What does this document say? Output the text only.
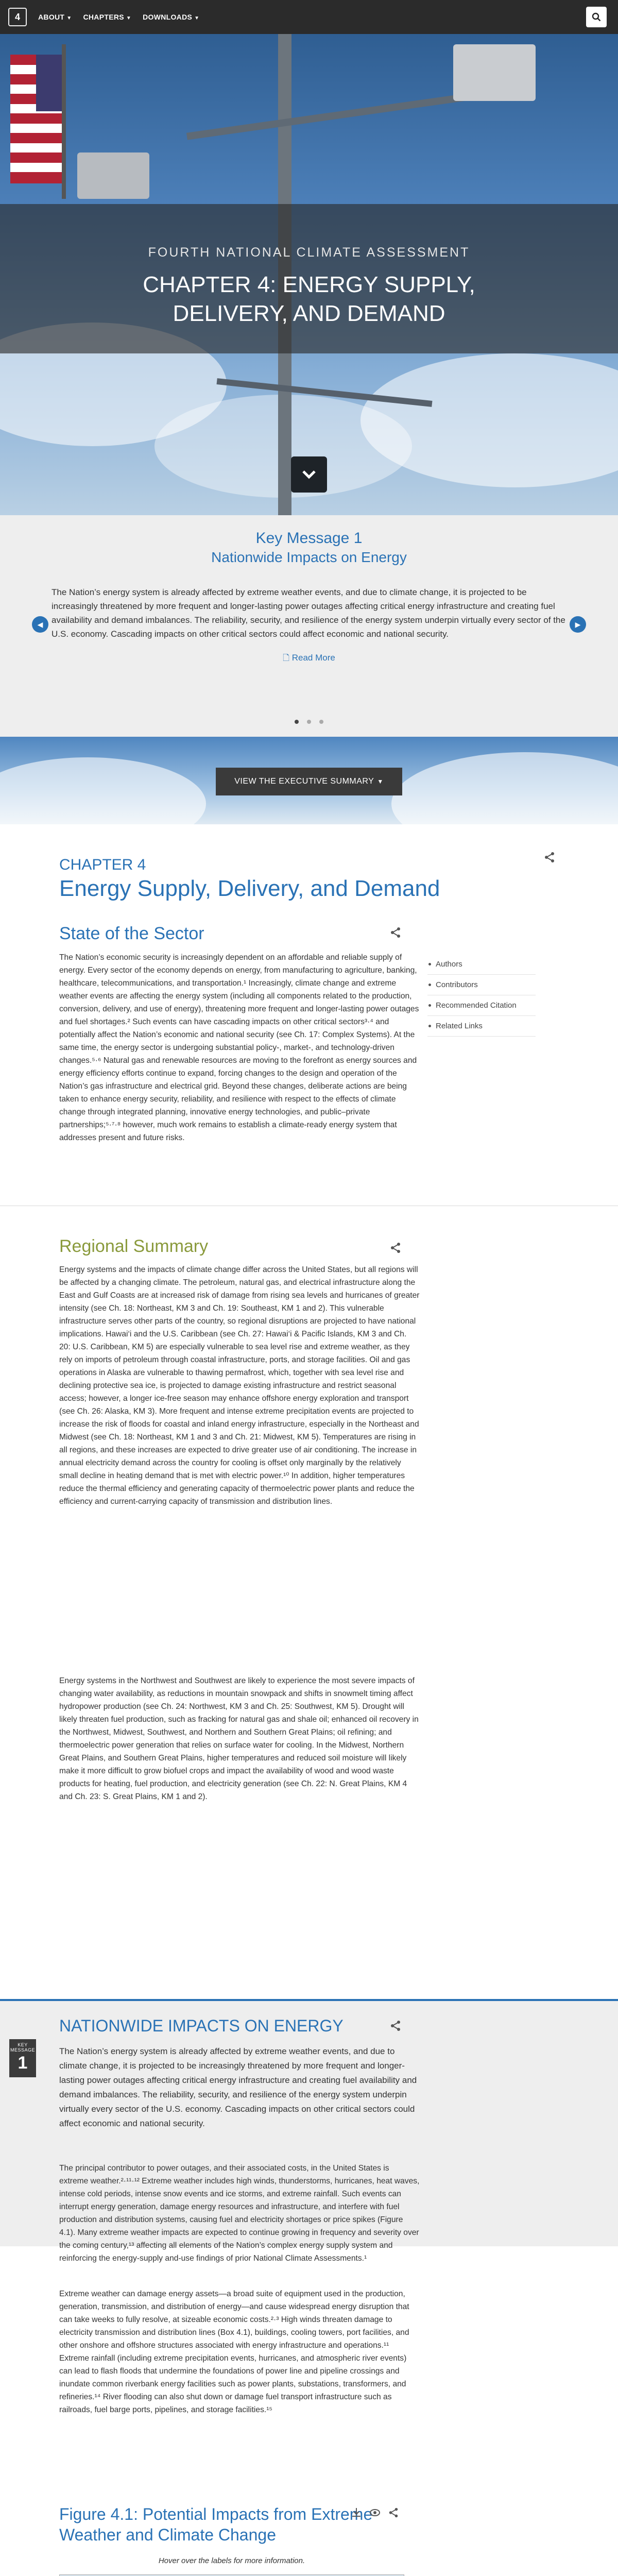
4	ABOUT ▼ CHAPTERS ▼ DOWNLOADS ▼
FOURTH NATIONAL CLIMATE ASSESSMENT
CHAPTER 4: ENERGY SUPPLY,
DELIVERY, AND DEMAND
Key Message 1
Nationwide Impacts on Energy
The Nation’s energy system is already affected by extreme weather events, and due to climate change, it is projected to be increasingly threatened by more frequent and longer-lasting power outages affecting critical energy infrastructure and creating fuel availability and demand imbalances. The reliability, security, and resilience of the energy system underpin virtually every sector of the U.S. economy. Cascading impacts on other critical sectors could affect economic and national security.
🗋 Read More
◀	▶
VIEW THE EXECUTIVE SUMMARY ▼
CHAPTER 4
Energy Supply, Delivery, and Demand
State of the Sector
The Nation’s economic security is increasingly dependent on an affordable and reliable supply of energy. Every sector of the economy depends on energy, from manufacturing to agriculture, banking, healthcare, telecommunications, and transportation.¹ Increasingly, climate change and extreme weather events are affecting the energy system (including all components related to the production, conversion, delivery, and use of energy), threatening more frequent and longer-lasting power outages and fuel shortages.² Such events can have cascading impacts on other critical sectors³·⁴ and potentially affect the Nation’s economic and national security (see Ch. 17: Complex Systems). At the same time, the energy sector is undergoing substantial policy-, market-, and technology-driven changes.⁵·⁶ Natural gas and renewable resources are moving to the forefront as energy sources and energy efficiency efforts continue to expand, forcing changes to the design and operation of the Nation’s gas infrastructure and electrical grid. Beyond these changes, deliberate actions are being taken to enhance energy security, reliability, and resilience with respect to the effects of climate change through integrated planning, innovative energy technologies, and public–private partnerships;⁵·⁷·⁸ however, much work remains to establish a climate-ready energy system that addresses present and future risks.
Authors
Contributors
Recommended Citation
Related Links
Regional Summary
Energy systems and the impacts of climate change differ across the United States, but all regions will be affected by a changing climate. The petroleum, natural gas, and electrical infrastructure along the East and Gulf Coasts are at increased risk of damage from rising sea levels and hurricanes of greater intensity (see Ch. 18: Northeast, KM 3 and Ch. 19: Southeast, KM 1 and 2). This vulnerable infrastructure serves other parts of the country, so regional disruptions are projected to have national implications. Hawai‘i and the U.S. Caribbean (see Ch. 27: Hawai‘i & Pacific Islands, KM 3 and Ch. 20: U.S. Caribbean, KM 5) are especially vulnerable to sea level rise and extreme weather, as they rely on imports of petroleum through coastal infrastructure, ports, and storage facilities. Oil and gas operations in Alaska are vulnerable to thawing permafrost, which, together with sea level rise and declining protective sea ice, is projected to damage existing infrastructure and restrict seasonal access; however, a longer ice-free season may enhance offshore energy exploration and transport (see Ch. 26: Alaska, KM 3). More frequent and intense extreme precipitation events are projected to increase the risk of floods for coastal and inland energy infrastructure, especially in the Northeast and Midwest (see Ch. 18: Northeast, KM 1 and 3 and Ch. 21: Midwest, KM 5). Temperatures are rising in all regions, and these increases are expected to drive greater use of air conditioning. The increase in annual electricity demand across the country for cooling is offset only marginally by the relatively small decline in heating demand that is met with electric power.¹⁰ In addition, higher temperatures reduce the thermal efficiency and generating capacity of thermoelectric power plants and reduce the efficiency and current-carrying capacity of transmission and distribution lines.
Energy systems in the Northwest and Southwest are likely to experience the most severe impacts of changing water availability, as reductions in mountain snowpack and shifts in snowmelt timing affect hydropower production (see Ch. 24: Northwest, KM 3 and Ch. 25: Southwest, KM 5). Drought will likely threaten fuel production, such as fracking for natural gas and shale oil; enhanced oil recovery in the Northwest, Midwest, Southwest, and Northern and Southern Great Plains; oil refining; and thermoelectric power generation that relies on surface water for cooling. In the Midwest, Northern Great Plains, and Southern Great Plains, higher temperatures and reduced soil moisture will likely make it more difficult to grow biofuel crops and impact the availability of wood and wood waste products for heating, fuel production, and electricity generation (see Ch. 22: N. Great Plains, KM 4 and Ch. 23: S. Great Plains, KM 1 and 2).
KEY MESSAGE
1
NATIONWIDE IMPACTS ON ENERGY
The Nation’s energy system is already affected by extreme weather events, and due to climate change, it is projected to be increasingly threatened by more frequent and longer-lasting power outages affecting critical energy infrastructure and creating fuel availability and demand imbalances. The reliability, security, and resilience of the energy system underpin virtually every sector of the U.S. economy. Cascading impacts on other critical sectors could affect economic and national security.
The principal contributor to power outages, and their associated costs, in the United States is extreme weather.²·¹¹·¹² Extreme weather includes high winds, thunderstorms, hurricanes, heat waves, intense cold periods, intense snow events and ice storms, and extreme rainfall. Such events can interrupt energy generation, damage energy resources and infrastructure, and interfere with fuel production and distribution systems, causing fuel and electricity shortages or price spikes (Figure 4.1). Many extreme weather impacts are expected to continue growing in frequency and severity over the coming century,¹³ affecting all elements of the Nation’s complex energy supply system and reinforcing the energy-supply and-use findings of prior National Climate Assessments.¹
Extreme weather can damage energy assets—a broad suite of equipment used in the production, generation, transmission, and distribution of energy—and cause widespread energy disruption that can take weeks to fully resolve, at sizeable economic costs.²·³ High winds threaten damage to electricity transmission and distribution lines (Box 4.1), buildings, cooling towers, port facilities, and other onshore and offshore structures associated with energy infrastructure and operations.¹¹ Extreme rainfall (including extreme precipitation events, hurricanes, and atmospheric river events) can lead to flash floods that undermine the foundations of power line and pipeline crossings and inundate common riverbank energy facilities such as power plants, substations, transformers, and refineries.¹⁴ River flooding can also shut down or damage fuel transport infrastructure such as railroads, fuel barge ports, pipelines, and storage facilities.¹⁵
Figure 4.1: Potential Impacts from Extreme Weather and Climate Change
Hover over the labels for more information.
